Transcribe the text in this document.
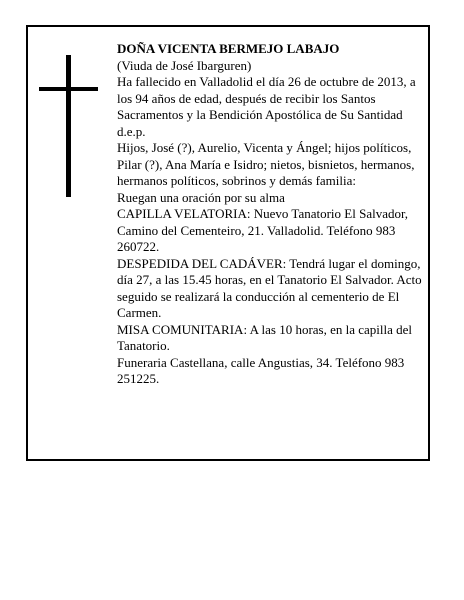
DOÑA VICENTA BERMEJO LABAJO

(Viuda de José Ibarguren)

Ha fallecido en Valladolid el día 26 de octubre de 2013, a los 94 años de edad, después de recibir los Santos Sacramentos y la Bendición Apostólica de Su Santidad d.e.p.

Hijos, José (?), Aurelio, Vicenta y Ángel; hijos políticos, Pilar (?), Ana María e Isidro; nietos, bisnietos, hermanos, hermanos políticos, sobrinos y demás familia:

Ruegan una oración por su alma

CAPILLA VELATORIA: Nuevo Tanatorio El Salvador, Camino del Cementeiro, 21. Valladolid. Teléfono 983 260722.

DESPEDIDA DEL CADÁVER: Tendrá lugar el domingo, día 27, a las 15.45 horas, en el Tanatorio El Salvador. Acto seguido se realizará la conducción al cementerio de El Carmen.

MISA COMUNITARIA: A las 10 horas, en la capilla del Tanatorio.

Funeraria Castellana, calle Angustias, 34. Teléfono 983 251225.
